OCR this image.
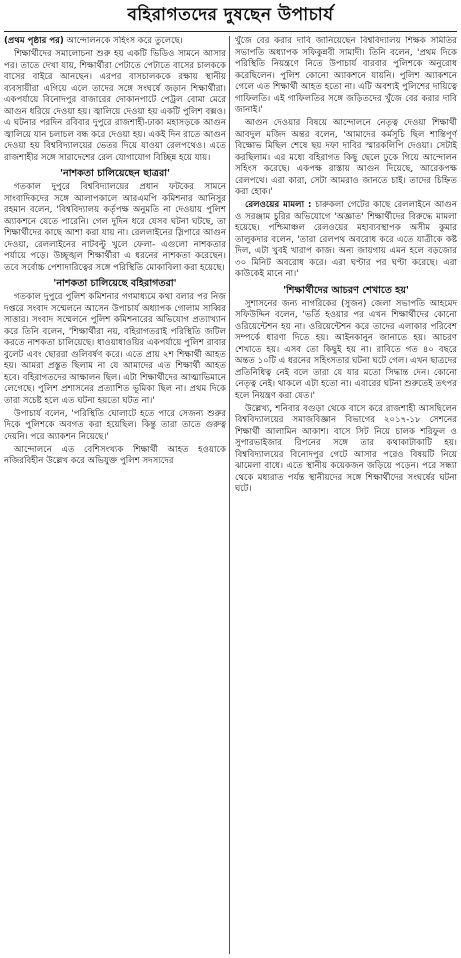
বহিরাগতদের দুষছেন উপাচার্য

(প্রথম পৃষ্ঠার পর) আন্দোলনকে সহিংস করে তুলেছে।

শিক্ষার্থীদের সমালোচনা শুরু হয় একটি ভিডিও সামনে আসার পর। তাতে দেখা যায়, শিক্ষার্থীরা পেটাতে পেটাতে বাসের চালককে বাসের বাইরে আনছেন। এরপর বাসচালককে রক্ষায় স্থানীয় ব্যবসায়ীরা এগিয়ে এলে তাদের সঙ্গে সংঘর্ষে জড়ান শিক্ষার্থীরা। একপর্যায়ে বিনোদপুর বাজারের দোকানপাটে পেট্রল বোমা মেরে আগুন ধরিয়ে দেওয়া হয়। জ্বালিয়ে দেওয়া হয় একটি পুলিশ বক্সও। এ ঘটনার পরদিন রবিবার দুপুরে রাজশাহী-ঢাকা মহাসড়কে আগুন জ্বালিয়ে যান চলাচল বন্ধ করে দেওয়া হয়। একই দিন রাতে আগুন দেওয়া হয় বিশ্ববিদ্যালয়ের ভেতর দিয়ে যাওয়া রেলপথেও। এতে রাজশাহীর সঙ্গে সারাদেশের রেল যোগাযোগ বিচ্ছিন্ন হয়ে যায়।

'নাশকতা চালিয়েছেন ছাত্ররা'

গতকাল দুপুরে বিশ্ববিদ্যালয়ের প্রধান ফটকের সামনে সাংবাদিকদের সঙ্গে আলাপকালে আরএমপি কমিশনার আনিসুর রহমান বলেন, 'বিশ্ববিদ্যালয় কর্তৃপক্ষ অনুমতি না দেওয়ায় পুলিশ অ্যাকশনে যেতে পারেনি। গেল দুদিন ধরে যেসব ঘটনা ঘটছে, তা শিক্ষার্থীদের কাছে আশা করা যায় না। রেললাইনের স্লিপারে আগুন দেওয়া, রেললাইনের নাটবল্টু খুলে ফেলা- এগুলো নাশকতার পর্যায়ে পড়ে। উচ্ছৃঙ্খল শিক্ষার্থীরা এ ধরনের নাশকতা করেছেন। তবে সর্বোচ্চ পেশাদারিত্বের সঙ্গে পরিস্থিতি মোকাবিলা করা হয়েছে।

'নাশকতা চালিয়েছে বহিরাগতরা'

গতকাল দুপুরে পুলিশ কমিশনার গণমাধ্যমে কথা বলার পর নিজ দপ্তরে সংবাদ সম্মেলনে আসেন উপাচার্য অধ্যাপক গোলাম সাব্বির সাত্তার। সংবাদ সম্মেলনে পুলিশ কমিশনারের অভিযোগ প্রত্যাখ্যান করে তিনি বলেন, 'শিক্ষার্থীরা নয়, বহিরাগতরাই পরিস্থিতি জটিল করতে নাশকতা চালিয়েছে। ধাওয়াধাওয়ির একপর্যায়ে পুলিশ রাবার বুলেট এবং ছোররা গুলিবর্ষণ করে। এতে প্রায় ২শ শিক্ষার্থী আহত হয়। আমরা প্রস্তুত ছিলাম না যে আমাদের এত শিক্ষার্থী আহত হবে। বহিরাগতদের আক্ষালন ছিল। এটা শিক্ষার্থীদের আত্মাভিমানে লেগেছে। পুলিশ প্রশাসনের প্রত্যাশিত ভূমিকা ছিল না। প্রথম দিকে তারা সচেষ্ট হলে এত ঘটনা হয়তো ঘটত না।'

উপাচার্য বলেন, 'পরিস্থিতি ঘোলাটে হতে পারে সেজন্য শুরুর দিকে পুলিশকে অবগত করা হয়েছিল। কিন্তু তারা তাতে গুরুত্ব দেয়নি। পরে অ্যাকশন নিয়েছে।'

আন্দোলনে এত বেশিসংখ্যক শিক্ষার্থী আহত হওয়াকে নজিরবিহীন উল্লেখ করে অভিযুক্ত পুলিশ সদস্যদের

খুঁজে বের করার দাবি জানিয়েছেন বিশ্ববিদ্যালয় শিক্ষক সমিতির সভাপতি অধ্যাপক সফিকুন্নবী সামাদী। তিনি বলেন, 'প্রথম দিকে পরিস্থিতি নিয়ন্ত্রণে নিতে উপাচার্য বারবার পুলিশকে অনুরোধ করেছিলেন। পুলিশ কোনো অ্যাকশনে যায়নি। পুলিশ অ্যাকশনে গেলে এত শিক্ষার্থী আহত হতো না। এটি অবশ্যই পুলিশের দায়িত্বে গাফিলতি। এই গাফিলতির সঙ্গে জড়িতদের খুঁজে বের করার দাবি জানাই।'

আগুন দেওয়ার বিষয়ে আন্দোলনে নেতৃত্ব দেওয়া শিক্ষার্থী আবদুল মজিদ অন্তর বলেন, 'আমাদের কর্মসূচি ছিল শান্তিপূর্ণ বিক্ষোভ মিছিল শেষে ছয় দফা দাবির স্মারকলিপি দেওয়া। সেটাই করছিলাম। এর মধ্যে বহিরাগত কিছু ছেলে ঢুকে গিয়ে আন্দোলন সহিংস করেছে। একপক্ষ রাস্তায় আগুন দিয়েছে, আরেকপক্ষ রেলপথে। এরা কারা, সেটা আমরাও জানতে চাই। তাদের চিহ্নিত করা হোক।'

রেলওয়ের মামলা : চারুকলা গেটের কাছে রেললাইনে আগুন ও সরঞ্জাম চুরির অভিযোগে 'অজ্ঞাত' শিক্ষার্থীদের বিরুদ্ধে মামলা হয়েছে। পশ্চিমাঞ্চল রেলওয়ের মহাব্যবস্থাপক অসীম কুমার তালুকদার বলেন, 'তারা রেলপথ অবরোধ করে এতে যাত্রীকে কষ্ট দিল, এটা খুবই খারাপ কাজ। অন্য জায়গায় এমন হলে বড়জোর ৩০ মিনিট অবরোধ করে। এরা ঘণ্টার পর ঘণ্টা করেছে। এরা কাউকেই মানে না।'

'শিক্ষার্থীদের আচরণ শেখাতে হয়'

সুশাসনের জন্য নাগরিকের (সুজন) জেলা সভাপতি আহমেদ সফিউদ্দিন বলেন, 'ভর্তি হওয়ার পর এখন শিক্ষার্থীদের কোনো ওরিয়েন্টেশন হয় না। ওরিয়েন্টেশন করে তাদের এলাকার পরিবেশ সম্পর্কে ধারণা দিতে হয়। আইনকানুন জানাতে হয়। আচরণ শেখাতে হয়। এসব তো কিছুই হয় না। রাবিতে গত ৪০ বছরে অন্তত ১০টি এ ধরনের সহিংসতার ঘটনা ঘটে গেল। এখন ছাত্রদের প্রতিনিধিত্ব নেই বলে তারা যে যার মতো সিদ্ধান্ত দেন। কোনো নেতৃত্ব নেই। থাকলে এটা হতো না। এবারের ঘটনা শুরুতেই তৎপর হলে নিয়ন্ত্রণ করা যেত।'

উল্লেখ্য, শনিবার বগুড়া থেকে বাসে করে রাজশাহী আসছিলেন বিশ্ববিদ্যালয়ের সমাজবিজ্ঞান বিভাগের ২০১৭-১৮ সেশনের শিক্ষার্থী আলামিন আকাশ। বাসে সিট নিয়ে চালক শরিফুল ও সুপারভাইজার রিপনের সঙ্গে তার কথাকাটাকাটি হয়। বিশ্ববিদ্যালয়ের বিনোদপুর গেটে আসার পরেও বিষয়টি নিয়ে ঝামেলা বাধে। এতে স্থানীয় কয়েকজন জড়িয়ে পড়েন। পরে সন্ধ্যা থেকে মধ্যরাত পর্যন্ত স্থানীয়দের সঙ্গে শিক্ষার্থীদের সংঘর্ষের ঘটনা ঘটে।
